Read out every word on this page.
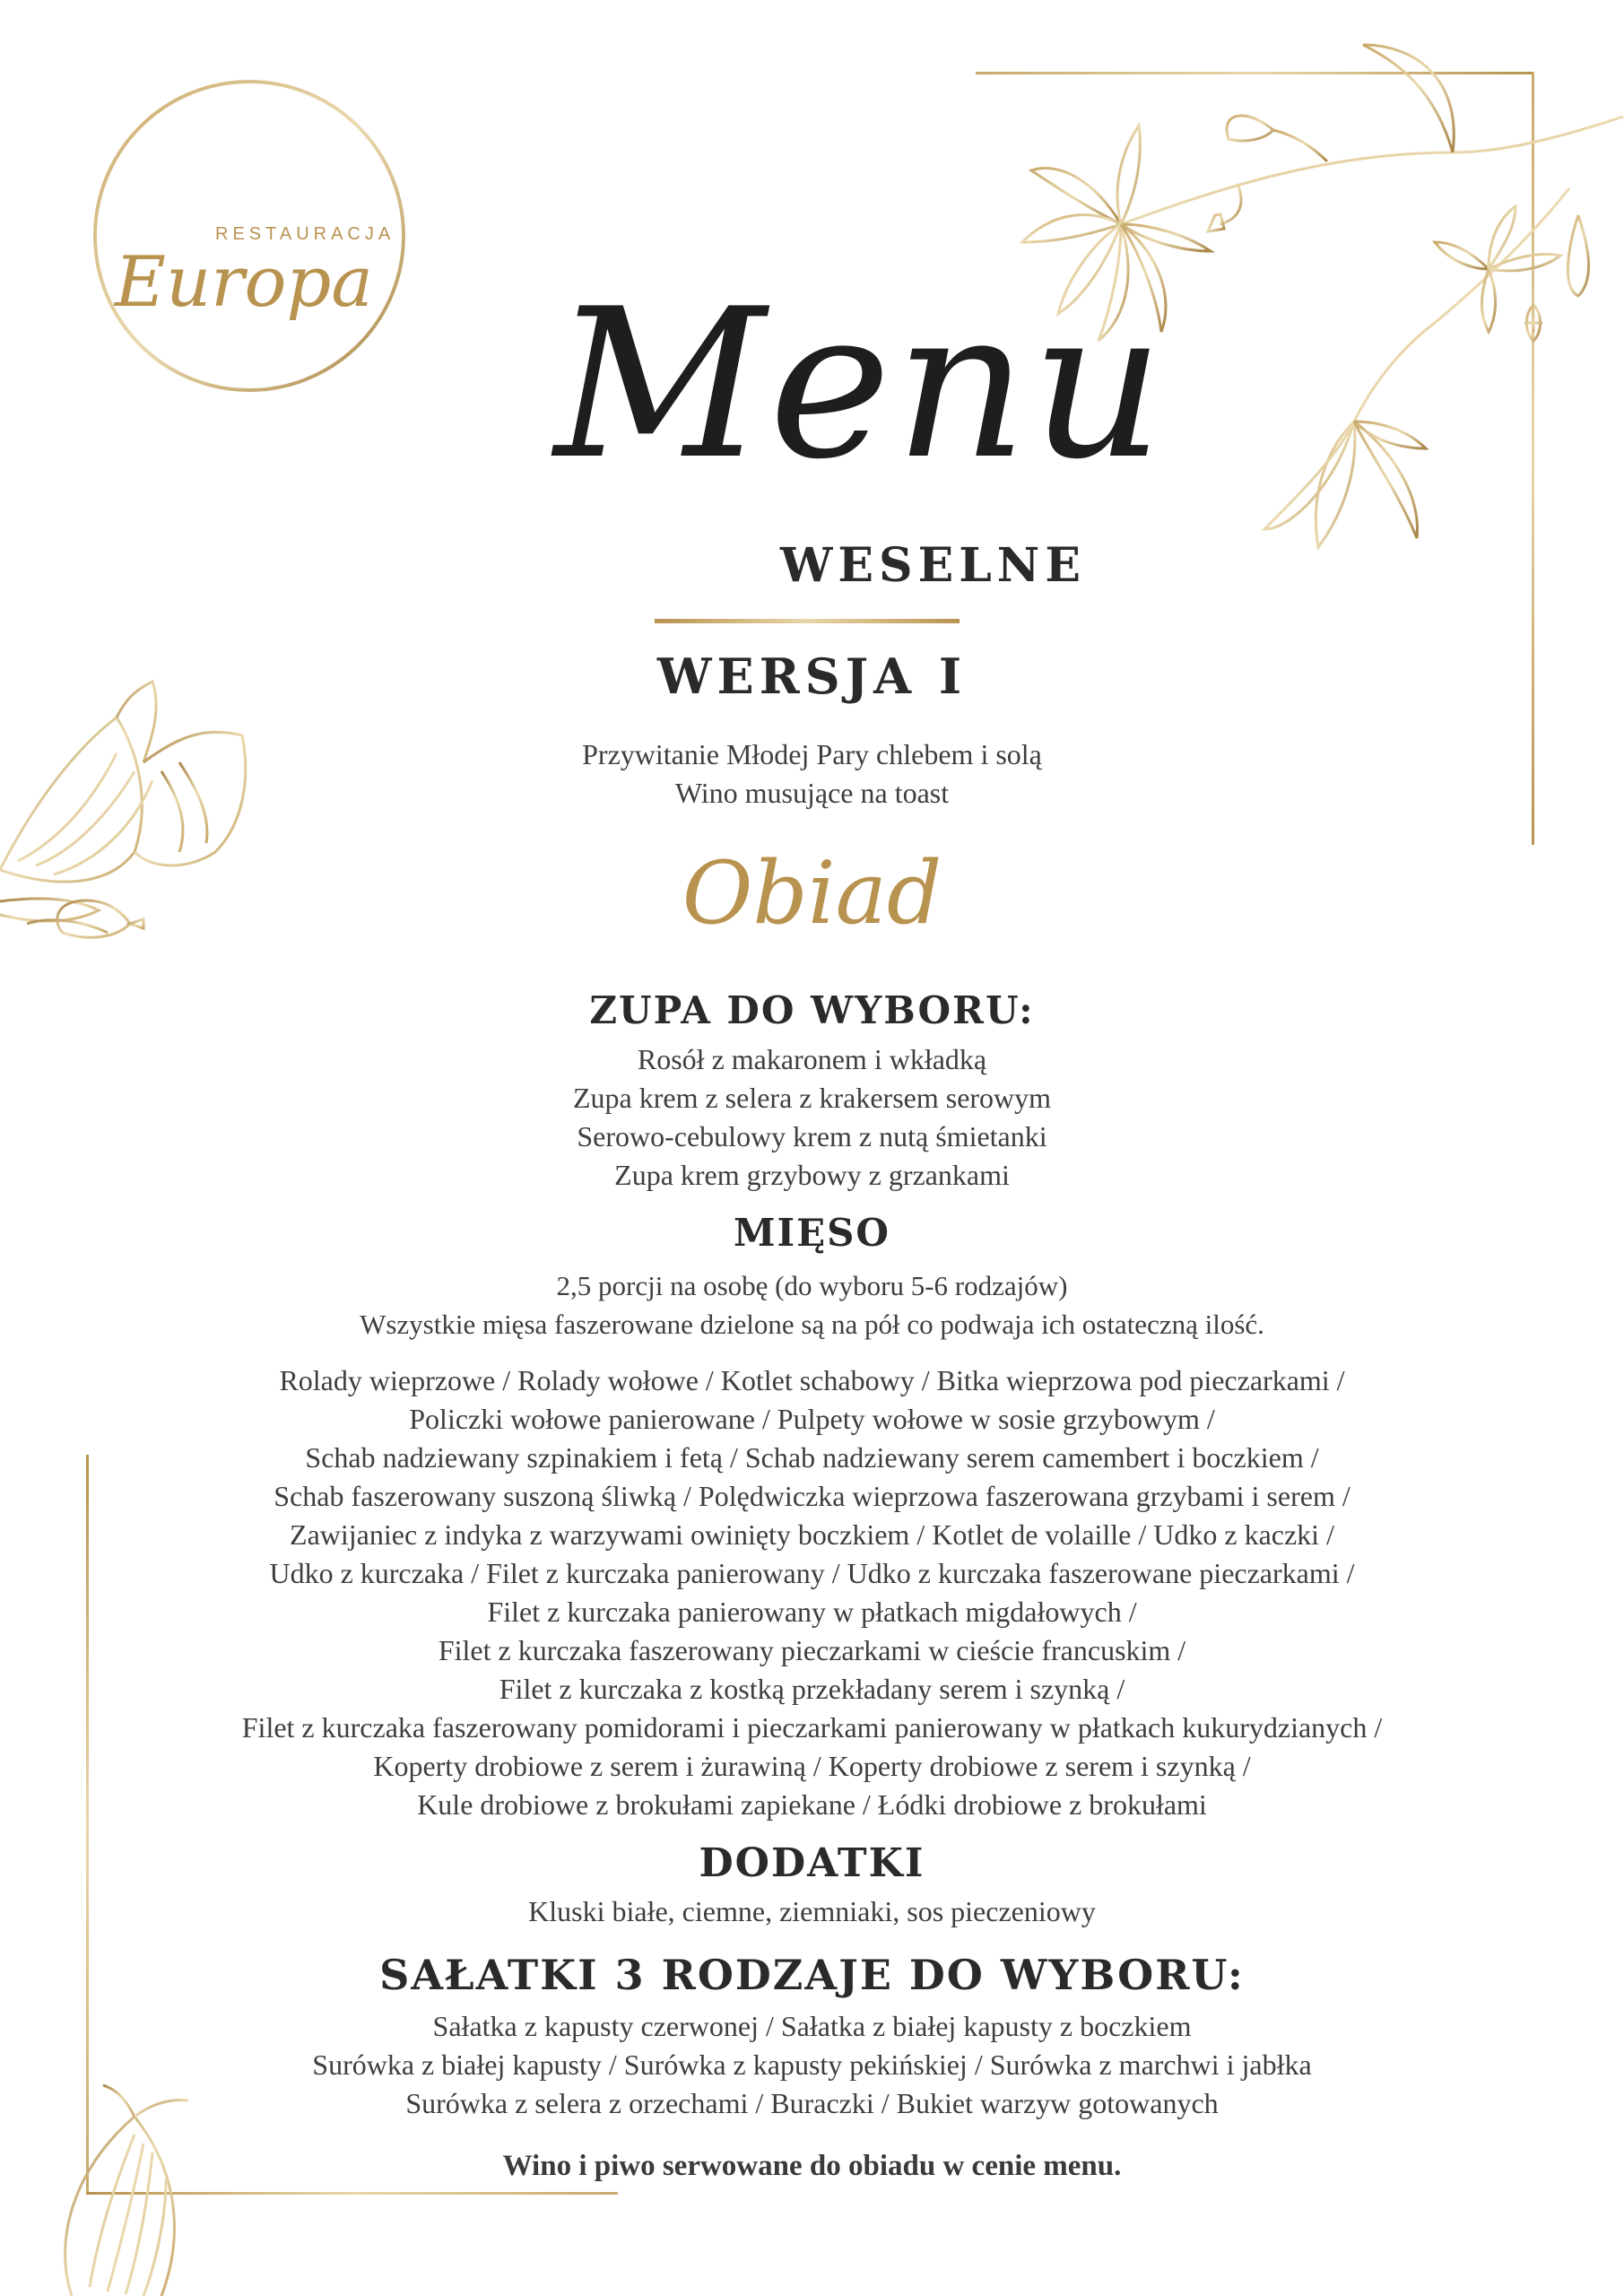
RESTAURACJA
Europa Menu
WESELNE
WERSJA I
Przywitanie Młodej Pary chlebem i solą
Wino musujące na toast
Obiad
ZUPA DO WYBORU:
Rosół z makaronem i wkładką
Zupa krem z selera z krakersem serowym
Serowo-cebulowy krem z nutą śmietanki
Zupa krem grzybowy z grzankami
MIĘSO
2,5 porcji na osobę (do wyboru 5-6 rodzajów)
Wszystkie mięsa faszerowane dzielone są na pół co podwaja ich ostateczną ilość.
Rolady wieprzowe / Rolady wołowe / Kotlet schabowy / Bitka wieprzowa pod pieczarkami /
Policzki wołowe panierowane / Pulpety wołowe w sosie grzybowym /
Schab nadziewany szpinakiem i fetą / Schab nadziewany serem camembert i boczkiem /
Schab faszerowany suszoną śliwką / Polędwiczka wieprzowa faszerowana grzybami i serem /
Zawijaniec z indyka z warzywami owinięty boczkiem / Kotlet de volaille / Udko z kaczki /
Udko z kurczaka / Filet z kurczaka panierowany / Udko z kurczaka faszerowane pieczarkami /
Filet z kurczaka panierowany w płatkach migdałowych /
Filet z kurczaka faszerowany pieczarkami w cieście francuskim /
Filet z kurczaka z kostką przekładany serem i szynką /
Filet z kurczaka faszerowany pomidorami i pieczarkami panierowany w płatkach kukurydzianych /
Koperty drobiowe z serem i żurawiną / Koperty drobiowe z serem i szynką /
Kule drobiowe z brokułami zapiekane / Łódki drobiowe z brokułami
DODATKI
Kluski białe, ciemne, ziemniaki, sos pieczeniowy
SAŁATKI 3 RODZAJE DO WYBORU:
Sałatka z kapusty czerwonej / Sałatka z białej kapusty z boczkiem
Surówka z białej kapusty / Surówka z kapusty pekińskiej / Surówka z marchwi i jabłka
Surówka z selera z orzechami / Buraczki / Bukiet warzyw gotowanych
Wino i piwo serwowane do obiadu w cenie menu.
